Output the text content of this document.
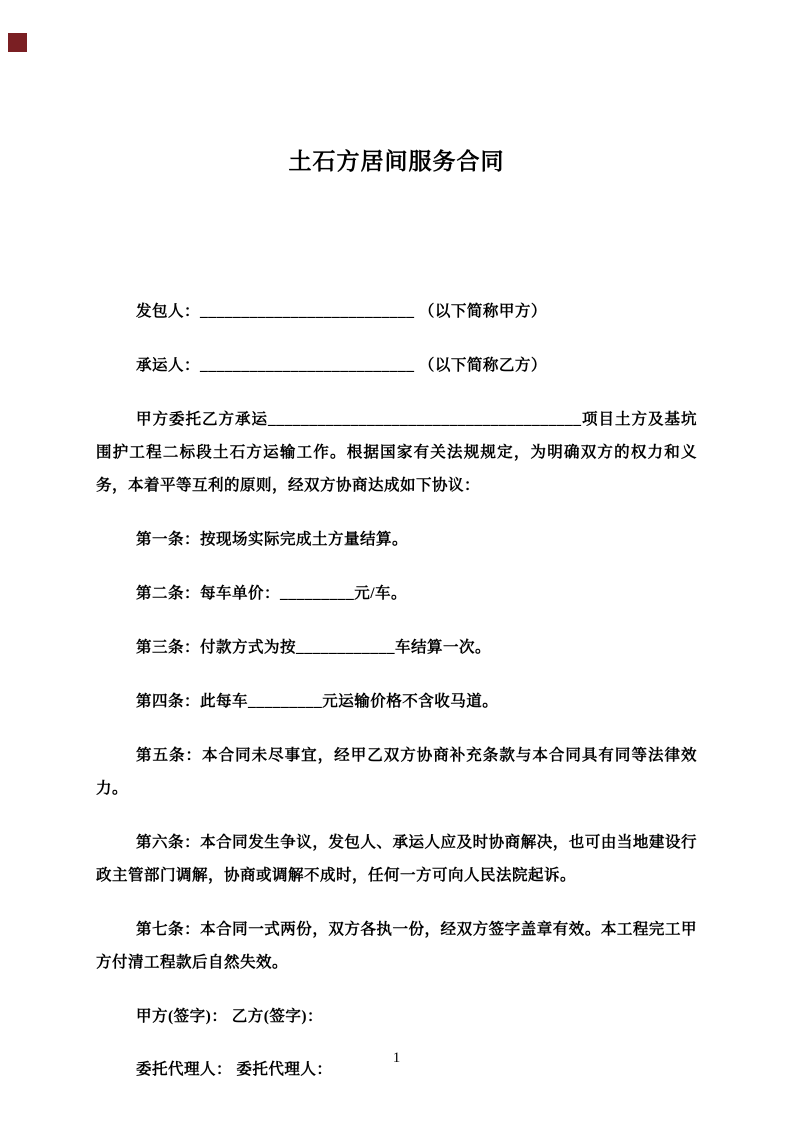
土石方居间服务合同

发包人：__________________________ （以下简称甲方）

承运人：__________________________ （以下简称乙方）

甲方委托乙方承运______________________________________项目土方及基坑围护工程二标段土石方运输工作。根据国家有关法规规定，为明确双方的权力和义务，本着平等互利的原则，经双方协商达成如下协议：

第一条：按现场实际完成土方量结算。

第二条：每车单价：_________元/车。

第三条：付款方式为按____________车结算一次。

第四条：此每车_________元运输价格不含收马道。

第五条：本合同未尽事宜，经甲乙双方协商补充条款与本合同具有同等法律效力。

第六条：本合同发生争议，发包人、承运人应及时协商解决，也可由当地建设行政主管部门调解，协商或调解不成时，任何一方可向人民法院起诉。

第七条：本合同一式两份，双方各执一份，经双方签字盖章有效。本工程完工甲方付清工程款后自然失效。

甲方(签字)： 乙方(签字)：

委托代理人： 委托代理人：

1
